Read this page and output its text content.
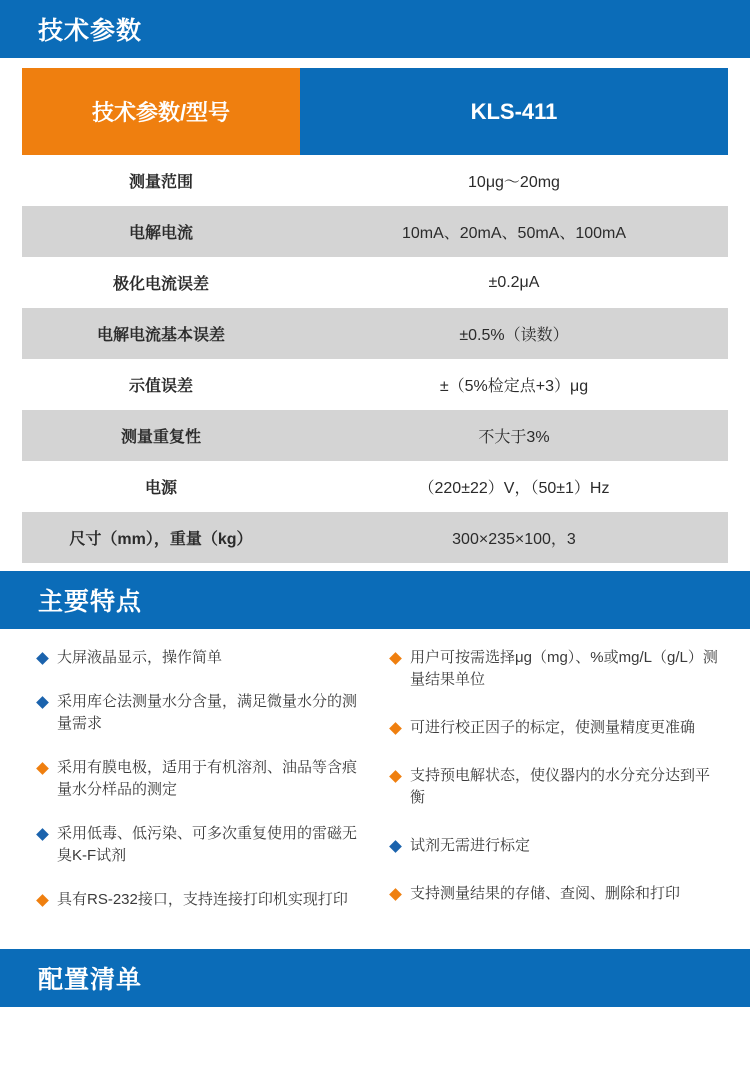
技术参数
技术参数/型号	KLS-411
测量范围	10μg～20mg
电解电流	10mA、20mA、50mA、100mA
极化电流误差	±0.2μA
电解电流基本误差	±0.5%（读数）
示值误差	±（5%检定点+3）μg
测量重复性	不大于3%
电源	（220±22）V，（50±1）Hz
尺寸（mm），重量（kg）	300×235×100，3
主要特点
大屏液晶显示，操作简单
采用库仑法测量水分含量，满足微量水分的测量需求
采用有膜电极，适用于有机溶剂、油品等含痕量水分样品的测定
采用低毒、低污染、可多次重复使用的雷磁无臭K-F试剂
具有RS-232接口，支持连接打印机实现打印
用户可按需选择μg（mg）、%或mg/L（g/L）测量结果单位
可进行校正因子的标定，使测量精度更准确
支持预电解状态，使仪器内的水分充分达到平衡
试剂无需进行标定
支持测量结果的存储、查阅、删除和打印
配置清单
